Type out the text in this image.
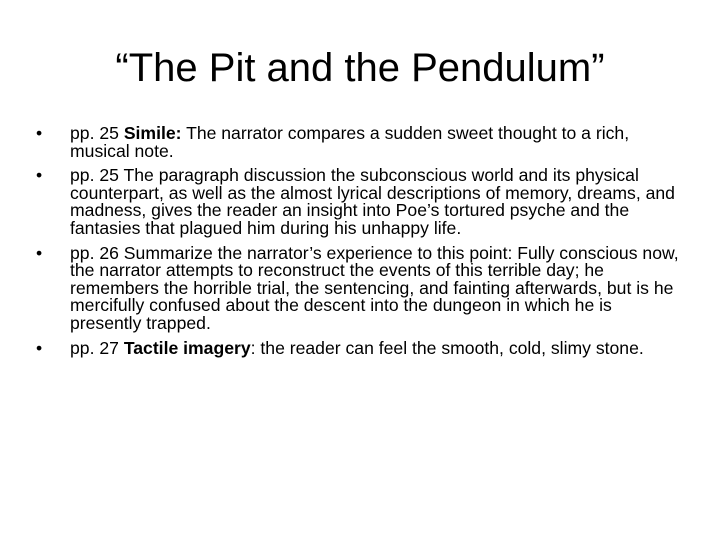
“The Pit and the Pendulum”
•	pp. 25 Simile: The narrator compares a sudden sweet thought to a rich, musical note.
•	pp. 25 The paragraph discussion the subconscious world and its physical counterpart, as well as the almost lyrical descriptions of memory, dreams, and madness, gives the reader an insight into Poe’s tortured psyche and the fantasies that plagued him during his unhappy life.
•	pp. 26 Summarize the narrator’s experience to this point: Fully conscious now, the narrator attempts to reconstruct the events of this terrible day; he remembers the horrible trial, the sentencing, and fainting afterwards, but is he mercifully confused about the descent into the dungeon in which he is presently trapped.
•	pp. 27 Tactile imagery: the reader can feel the smooth, cold, slimy stone.
